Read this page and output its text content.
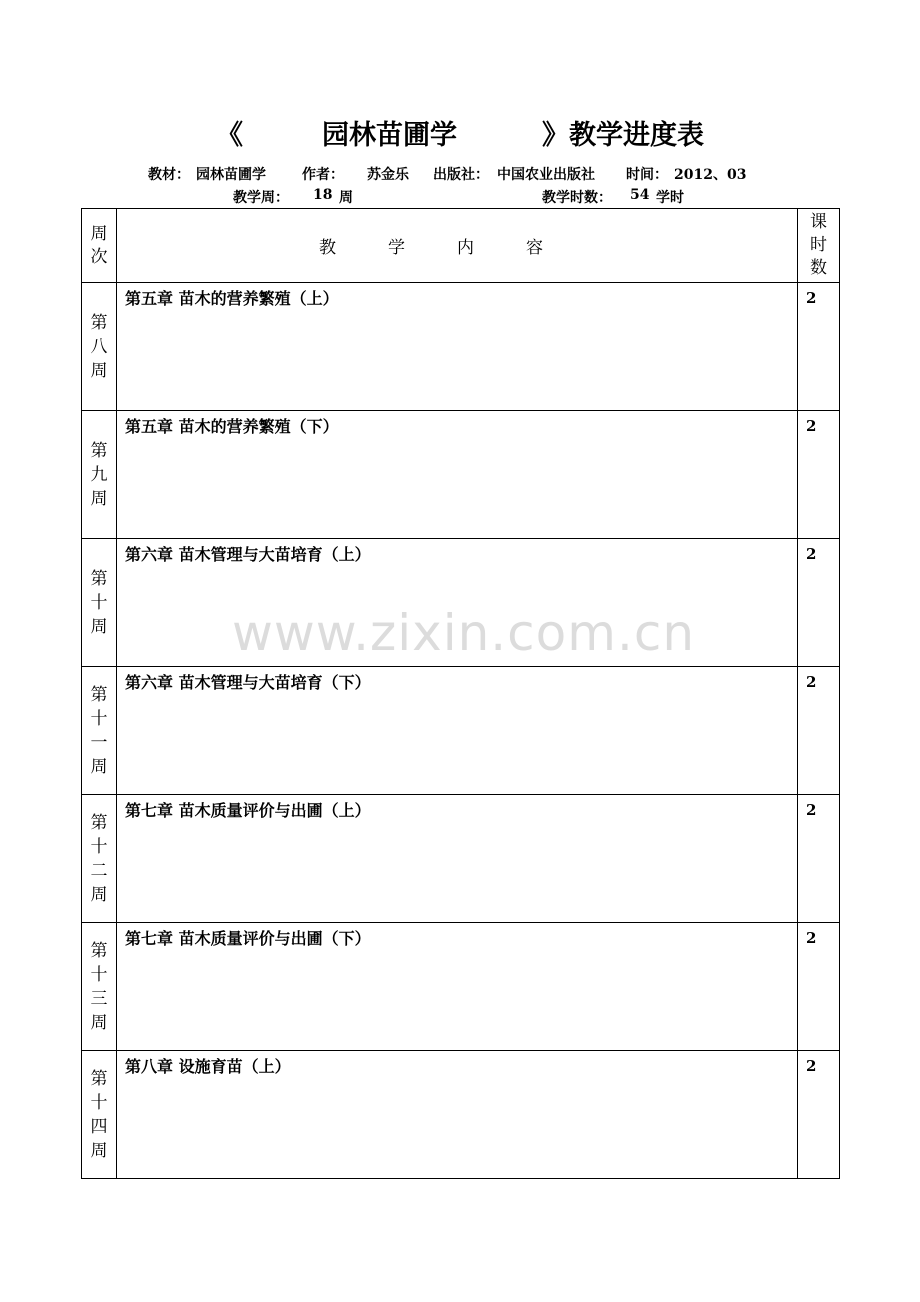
《	园林苗圃学	》教学进度表
教材： 园林苗圃学	作者： 苏金乐 出版社： 中国农业出版社 时间： 2012、03
教学周： 18 周	教学时数： 54 学时
周
次	教学内容	课
时
数
第
八
周	第五章 苗木的营养繁殖（上）	2
第
九
周	第五章 苗木的营养繁殖（下）	2
第
十
周	第六章 苗木管理与大苗培育（上）	2
第
十
一
周	第六章 苗木管理与大苗培育（下）	2
第
十
二
周	第七章 苗木质量评价与出圃（上）	2
第
十
三
周	第七章 苗木质量评价与出圃（下）	2
第
十
四
周	第八章 设施育苗（上）	2
www.zixin.com.cn
